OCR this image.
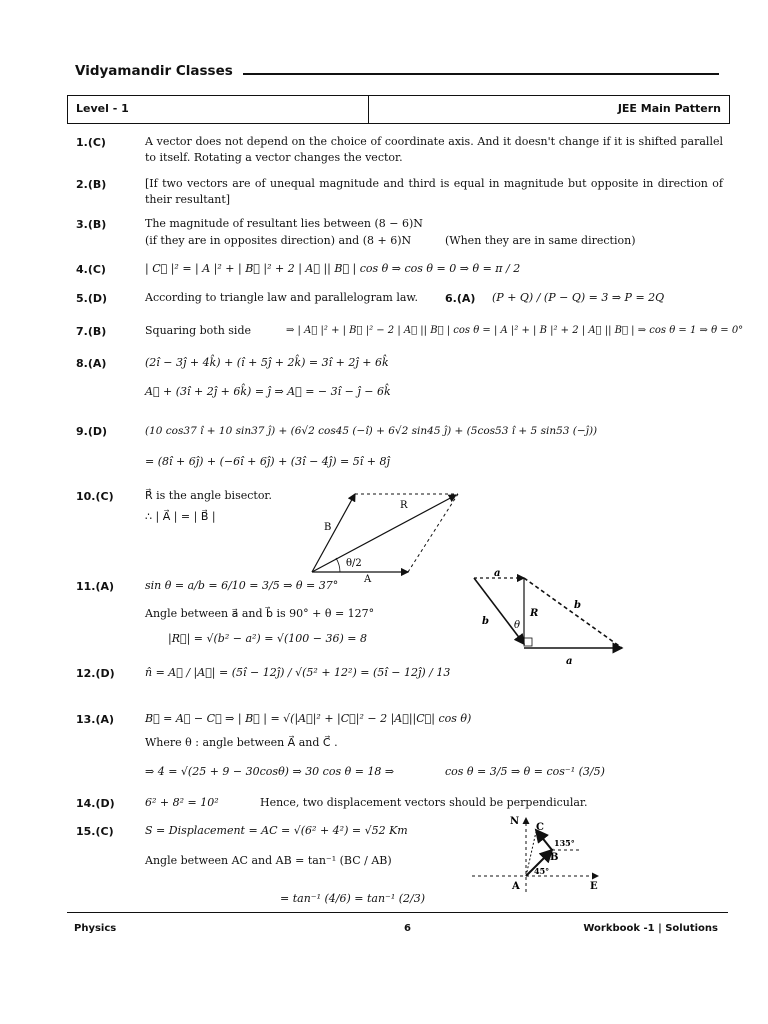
Vidyamandir Classes
Level - 1	JEE Main Pattern
1.(C)	A vector does not depend on the choice of coordinate axis. And it doesn't change if it is shifted parallel to itself. Rotating a vector changes the vector.
2.(B)	[If two vectors are of unequal magnitude and third is equal in magnitude but opposite in direction of their resultant]
3.(B)	The magnitude of resultant lies between (8 − 6)N
(if they are in opposites direction) and (8 + 6)N	(When they are in same direction)
4.(C)	| C⃗ |² = | A |² + | B⃗ |² + 2 | A⃗ || B⃗ | cos θ ⇒ cos θ = 0 ⇒ θ = π / 2
5.(D)	According to triangle law and parallelogram law. 6.(A) (P + Q) / (P − Q) = 3 ⇒ P = 2Q
7.(B)	Squaring both side	⇒ | A⃗ |² + | B⃗ |² − 2 | A⃗ || B⃗ | cos θ = | A |² + | B |² + 2 | A⃗ || B⃗ | ⇒ cos θ = 1 ⇒ θ = 0°
8.(A)	(2î − 3ĵ + 4k̂) + (î + 5ĵ + 2k̂) = 3î + 2ĵ + 6k̂
A⃗ + (3î + 2ĵ + 6k̂) = ĵ ⇒ A⃗ = − 3î − ĵ − 6k̂
9.(D)	(10 cos37 î + 10 sin37 ĵ) + (6√2 cos45 (−î) + 6√2 sin45 ĵ) + (5cos53 î + 5 sin53 (−ĵ))
= (8î + 6ĵ) + (−6î + 6ĵ) + (3î − 4ĵ) = 5î + 8ĵ
10.(C)	R⃗ is the angle bisector.
∴ | A⃗ | = | B⃗ |
R
B
A
θ/2
11.(A)	sin θ = a/b = 6/10 = 3/5 ⇒ θ = 37°
Angle between a⃗ and b⃗ is 90° + θ = 127°
|R⃗| = √(b² − a²) = √(100 − 36) = 8
a
b
R
θ
b
a
12.(D)	n̂ = A⃗ / |A⃗| = (5î − 12ĵ) / √(5² + 12²) = (5î − 12ĵ) / 13
13.(A)	B⃗ = A⃗ − C⃗ ⇒ | B⃗ | = √(|A⃗|² + |C⃗|² − 2 |A⃗||C⃗| cos θ)
Where θ : angle between A⃗ and C⃗ .
⇒ 4 = √(25 + 9 − 30cosθ) ⇒ 30 cos θ = 18 ⇒	cos θ = 3/5 ⇒ θ = cos⁻¹ (3/5)
14.(D)	6² + 8² = 10²	Hence, two displacement vectors should be perpendicular.
15.(C)	S = Displacement = AC = √(6² + 4²) = √52 Km
Angle between AC and AB = tan⁻¹ (BC / AB)
= tan⁻¹ (4/6) = tan⁻¹ (2/3)
N
C
135°
B
45°
A	E
Physics	6	Workbook -1 | Solutions
